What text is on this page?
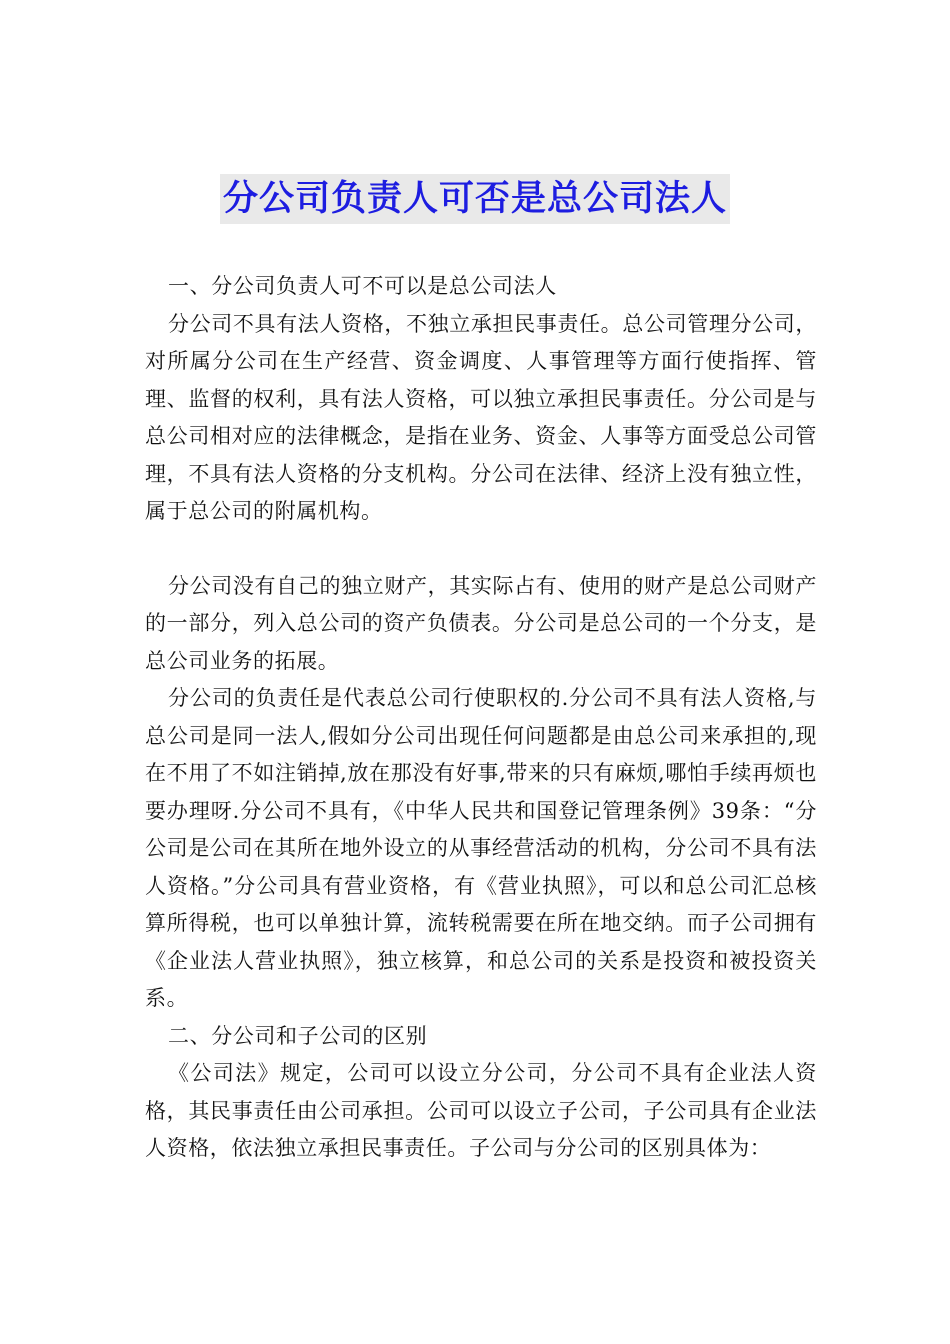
分公司负责人可否是总公司法人

一、分公司负责人可不可以是总公司法人

分公司不具有法人资格，不独立承担民事责任。总公司管理分公司，对所属分公司在生产经营、资金调度、人事管理等方面行使指挥、管理、监督的权利，具有法人资格，可以独立承担民事责任。分公司是与总公司相对应的法律概念，是指在业务、资金、人事等方面受总公司管理，不具有法人资格的分支机构。分公司在法律、经济上没有独立性，属于总公司的附属机构。

分公司没有自己的独立财产，其实际占有、使用的财产是总公司财产的一部分，列入总公司的资产负债表。分公司是总公司的一个分支，是总公司业务的拓展。

分公司的负责任是代表总公司行使职权的.分公司不具有法人资格,与总公司是同一法人,假如分公司出现任何问题都是由总公司来承担的,现在不用了不如注销掉,放在那没有好事,带来的只有麻烦,哪怕手续再烦也要办理呀.分公司不具有，《中华人民共和国登记管理条例》39条：“分公司是公司在其所在地外设立的从事经营活动的机构，分公司不具有法人资格。”分公司具有营业资格，有《营业执照》，可以和总公司汇总核算所得税，也可以单独计算，流转税需要在所在地交纳。而子公司拥有《企业法人营业执照》，独立核算，和总公司的关系是投资和被投资关系。

二、分公司和子公司的区别

《公司法》规定，公司可以设立分公司，分公司不具有企业法人资格，其民事责任由公司承担。公司可以设立子公司，子公司具有企业法人资格，依法独立承担民事责任。子公司与分公司的区别具体为：
